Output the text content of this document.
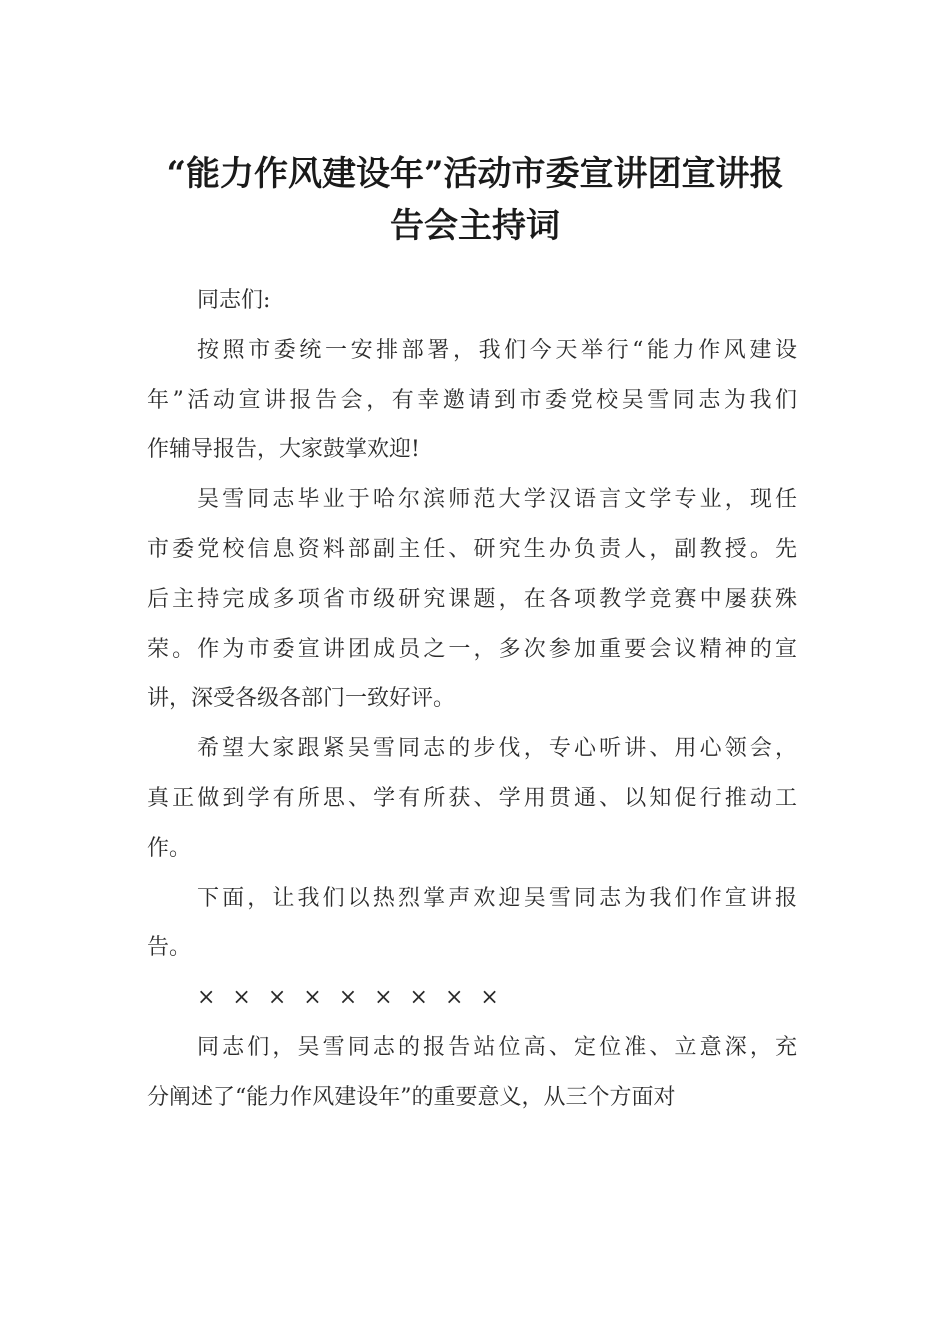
“能力作风建设年”活动市委宣讲团宣讲报
告会主持词
同志们:
按照市委统一安排部署，我们今天举行“能力作风建设
年”活动宣讲报告会，有幸邀请到市委党校吴雪同志为我们
作辅导报告，大家鼓掌欢迎!
吴雪同志毕业于哈尔滨师范大学汉语言文学专业，现任
市委党校信息资料部副主任、研究生办负责人，副教授。先
后主持完成多项省市级研究课题，在各项教学竞赛中屡获殊
荣。作为市委宣讲团成员之一，多次参加重要会议精神的宣
讲，深受各级各部门一致好评。
希望大家跟紧吴雪同志的步伐，专心听讲、用心领会，
真正做到学有所思、学有所获、学用贯通、以知促行推动工
作。
下面，让我们以热烈掌声欢迎吴雪同志为我们作宣讲报
告。
× × × × × × × × ×
同志们，吴雪同志的报告站位高、定位准、立意深，充
分阐述了“能力作风建设年”的重要意义，从三个方面对
